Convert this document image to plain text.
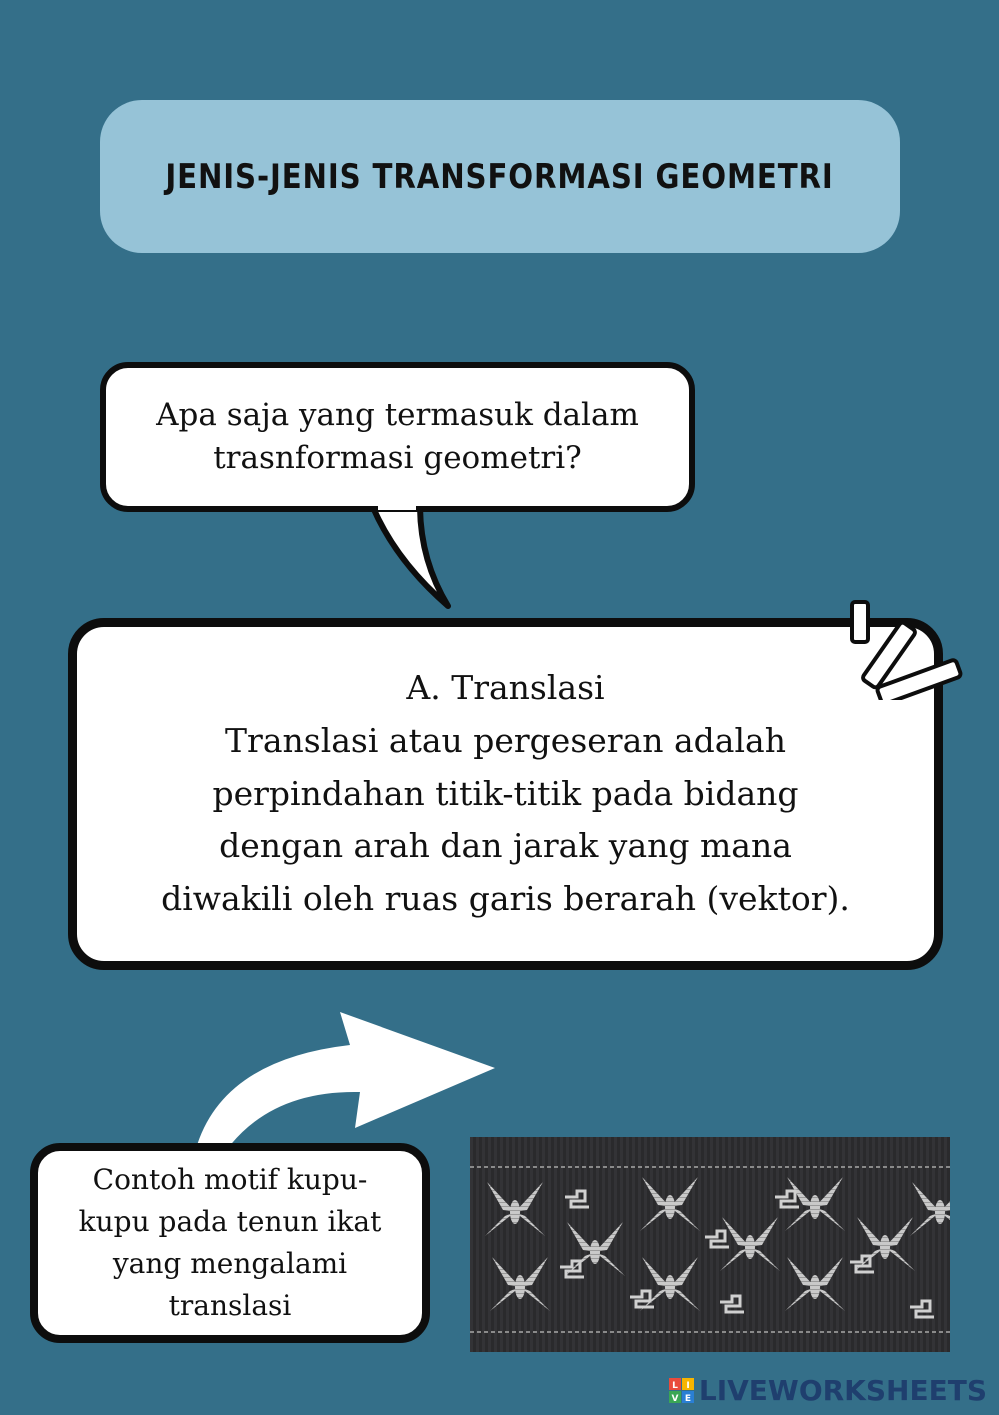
JENIS-JENIS TRANSFORMASI GEOMETRI
Apa saja yang termasuk dalam
trasnformasi geometri?
A. Translasi
Translasi atau pergeseran adalah
perpindahan titik-titik pada bidang
dengan arah dan jarak yang mana
diwakili oleh ruas garis berarah (vektor).
Contoh motif kupu-
kupu pada tenun ikat
yang mengalami
translasi
L I
V E LIVEWORKSHEETS
